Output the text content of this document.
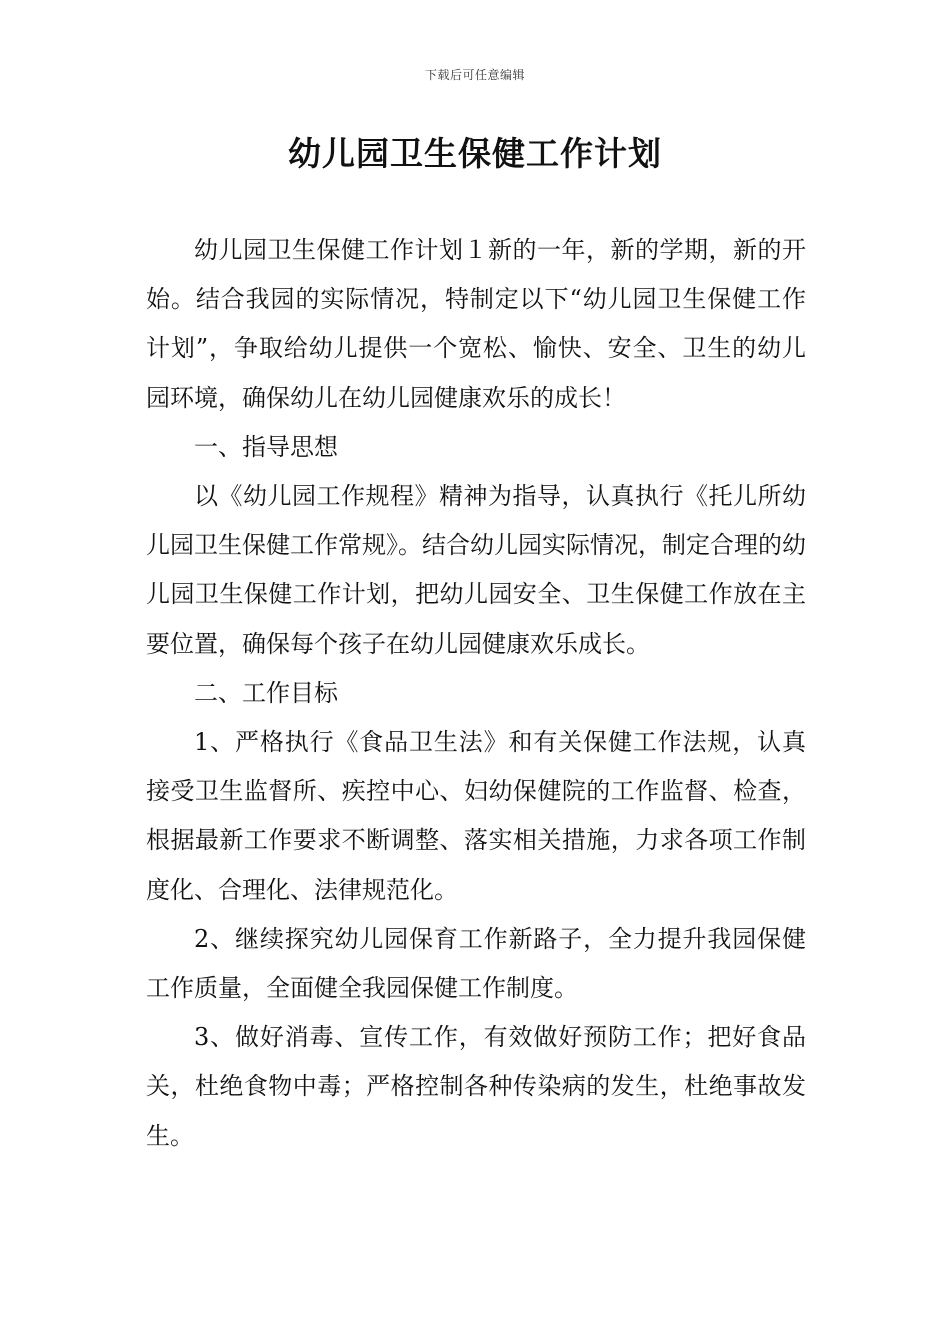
下载后可任意编辑
幼儿园卫生保健工作计划

幼儿园卫生保健工作计划１新的一年，新的学期，新的开始。结合我园的实际情况，特制定以下“幼儿园卫生保健工作计划”，争取给幼儿提供一个宽松、愉快、安全、卫生的幼儿园环境，确保幼儿在幼儿园健康欢乐的成长！

一、指导思想

以《幼儿园工作规程》精神为指导，认真执行《托儿所幼儿园卫生保健工作常规》。结合幼儿园实际情况，制定合理的幼儿园卫生保健工作计划，把幼儿园安全、卫生保健工作放在主要位置，确保每个孩子在幼儿园健康欢乐成长。

二、工作目标

1、严格执行《食品卫生法》和有关保健工作法规，认真接受卫生监督所、疾控中心、妇幼保健院的工作监督、检查，根据最新工作要求不断调整、落实相关措施，力求各项工作制度化、合理化、法律规范化。

2、继续探究幼儿园保育工作新路子，全力提升我园保健工作质量，全面健全我园保健工作制度。

3、做好消毒、宣传工作，有效做好预防工作；把好食品关，杜绝食物中毒；严格控制各种传染病的发生，杜绝事故发生。
